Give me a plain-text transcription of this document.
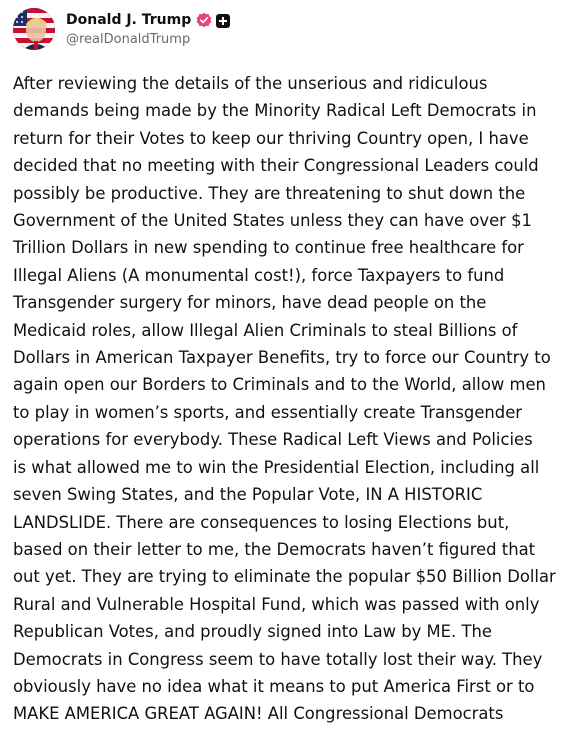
Donald J. Trump
@realDonaldTrump
After reviewing the details of the unserious and ridiculous
demands being made by the Minority Radical Left Democrats in
return for their Votes to keep our thriving Country open, I have
decided that no meeting with their Congressional Leaders could
possibly be productive. They are threatening to shut down the
Government of the United States unless they can have over $1
Trillion Dollars in new spending to continue free healthcare for
Illegal Aliens (A monumental cost!), force Taxpayers to fund
Transgender surgery for minors, have dead people on the
Medicaid roles, allow Illegal Alien Criminals to steal Billions of
Dollars in American Taxpayer Benefits, try to force our Country to
again open our Borders to Criminals and to the World, allow men
to play in women’s sports, and essentially create Transgender
operations for everybody. These Radical Left Views and Policies
is what allowed me to win the Presidential Election, including all
seven Swing States, and the Popular Vote, IN A HISTORIC
LANDSLIDE. There are consequences to losing Elections but,
based on their letter to me, the Democrats haven’t figured that
out yet. They are trying to eliminate the popular $50 Billion Dollar
Rural and Vulnerable Hospital Fund, which was passed with only
Republican Votes, and proudly signed into Law by ME. The
Democrats in Congress seem to have totally lost their way. They
obviously have no idea what it means to put America First or to
MAKE AMERICA GREAT AGAIN! All Congressional Democrats
